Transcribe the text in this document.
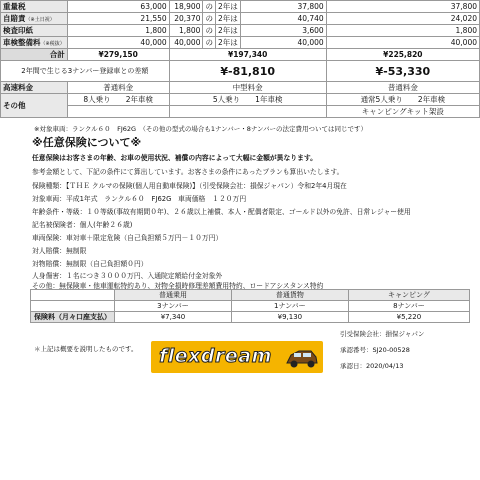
重量税	63,000	18,900	の	2年は	37,800	37,800
自賠責（※土日祝）	21,550	20,370	の	2年は	40,740	24,020
検査印紙	1,800	1,800	の	2年は	3,600	1,800
車検整備料（※税抜）	40,000	40,000	の	2年は	40,000	40,000
合計	¥279,150	¥197,340				¥225,820
2年間で生じる3ナンバー登録車との差額		¥-81,810				¥-53,330
高速料金	普通料金	中型料金				普通料金
その他	8人乗り　　 2年車検	5人乗り　　 1年車検				通常5人乗り　　 2年車検
						キャンピングキット架設
※対象車両：ランクル６０　FJ62G　（その他の型式の場合も1ナンバー・8ナンバーの法定費用ついては同じです）
※任意保険について※
任意保険はお客さまの年齢、お車の使用状況、補償の内容によって大幅に金額が異なります。
参考金額として、下記の条件にて算出しています。お客さまの条件にあったプランも算出いたします。
保険種類：【ＴＨＥ クルマの保険(個人用自動車保険)】（引受保険会社：損保ジャパン）令和2年4月現在
対象車両：平成1年式　ランクル６０　FJ62G　車両価格　１２０万円
年齢条件・等級：１０等級(事故有期間０年)、２６歳以上補償、本人・配偶者限定、ゴールド以外の免許、日常レジャー使用
記名被保険者：個人(年齢２６歳)
車両保険：車対車＋限定危険（自己負担額５万円－１０万円）
対人賠償：無制限
対物賠償：無制限（自己負担額０円）
人身傷害：１名につき３０００万円、入通院定額給付金対象外
その他：無保険車・他車運転特約あり、対物全損時修理差額費用特約、ロードアシスタンス特約
	普通乗用	普通貨物	キャンピング
	3ナンバー	1ナンバー	8ナンバー
保険料（月々口座支払）	¥7,340	¥9,130	¥5,220
＊上記は概要を説明したものです。
引受保険会社：損保ジャパン
承認番号：SJ20-00528
承認日：2020/04/13
flexdream
